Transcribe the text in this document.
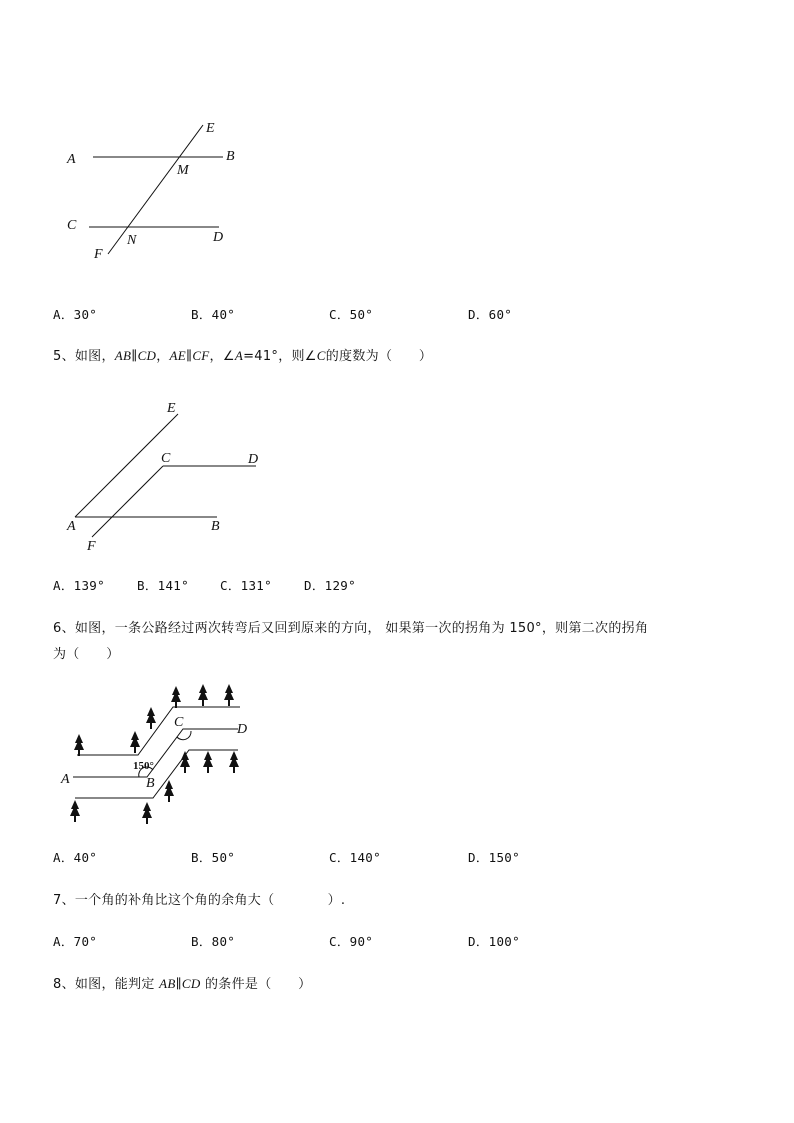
E
A	B
M
C
N	D
F
A．30°	B．40°	C．50°	D．60°
5、如图，AB∥CD，AE∥CF，∠A=41°，则∠C的度数为（　　）
E
C	D
A	B
F
A．139°	B．141° C．131°	D．129°
6、如图，一条公路经过两次转弯后又回到原来的方向， 如果第一次的拐角为 150°，则第二次的拐角
为（　　）
C	D
150°
A	B
A．40°	B．50°	C．140°	D．150°
7、一个角的补角比这个角的余角大（　　　　）.
A．70°	B．80°	C．90°	D．100°
8、如图，能判定 AB∥CD 的条件是（　　）
